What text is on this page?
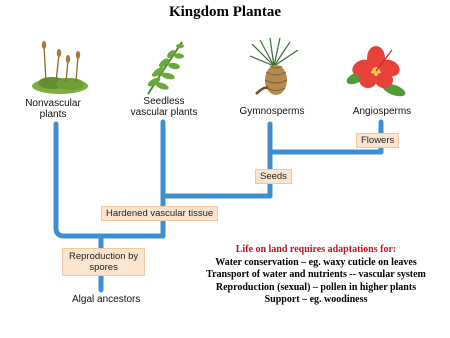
Kingdom Plantae
Nonvascular
plants
Seedless
vascular plants	Gymnosperms	Angiosperms
Flowers
Seeds
Hardened vascular tissue
Reproduction by
spores
Algal ancestors
Life on land requires adaptations for:
Water conservation – eg. waxy cuticle on leaves
Transport of water and nutrients -- vascular system
Reproduction (sexual) – pollen in higher plants
Support – eg. woodiness
